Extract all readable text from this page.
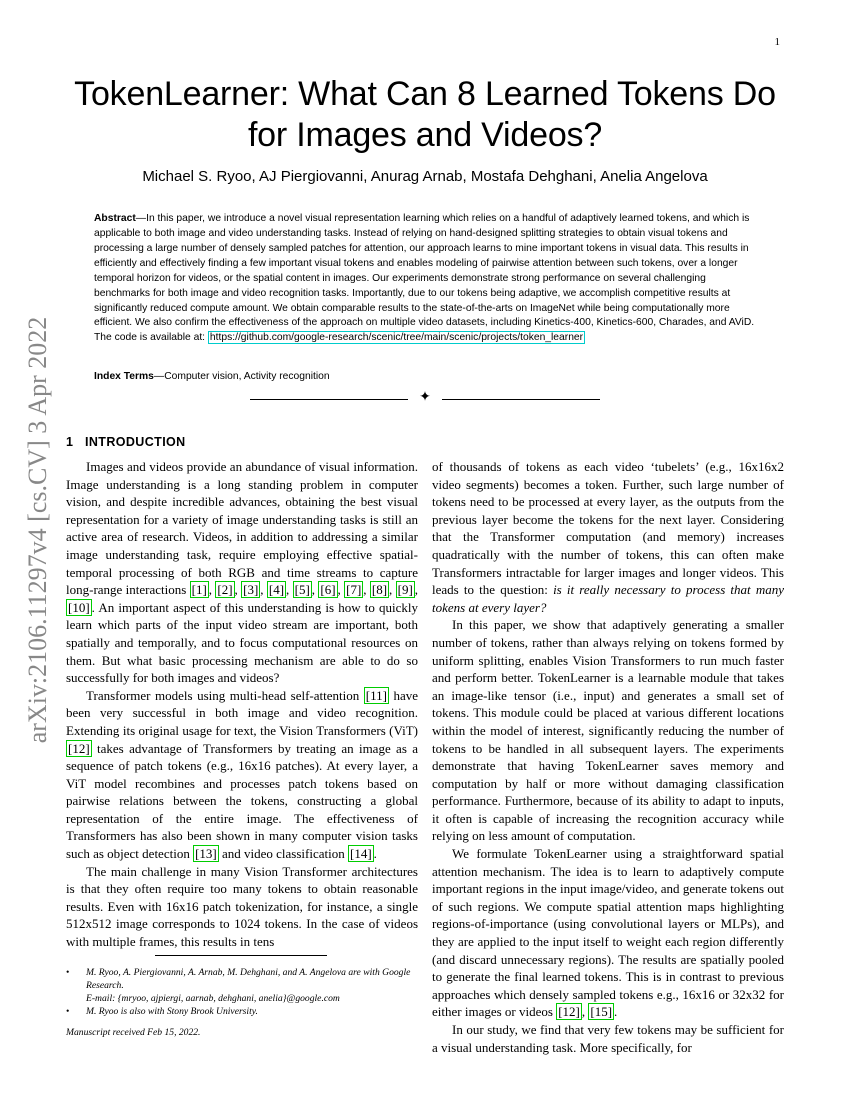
1
TokenLearner: What Can 8 Learned Tokens Do
for Images and Videos?
Michael S. Ryoo, AJ Piergiovanni, Anurag Arnab, Mostafa Dehghani, Anelia Angelova
Abstract—In this paper, we introduce a novel visual representation learning which relies on a handful of adaptively learned tokens, and which is applicable to both image and video understanding tasks. Instead of relying on hand-designed splitting strategies to obtain visual tokens and processing a large number of densely sampled patches for attention, our approach learns to mine important tokens in visual data. This results in efficiently and effectively finding a few important visual tokens and enables modeling of pairwise attention between such tokens, over a longer temporal horizon for videos, or the spatial content in images. Our experiments demonstrate strong performance on several challenging benchmarks for both image and video recognition tasks. Importantly, due to our tokens being adaptive, we accomplish competitive results at significantly reduced compute amount. We obtain comparable results to the state-of-the-arts on ImageNet while being computationally more efficient. We also confirm the effectiveness of the approach on multiple video datasets, including Kinetics-400, Kinetics-600, Charades, and AViD.
The code is available at: https://github.com/google-research/scenic/tree/main/scenic/projects/token_learner
Index Terms—Computer vision, Activity recognition
✦
arXiv:2106.11297v4 [cs.CV] 3 Apr 2022 1 INTRODUCTION

Images and videos provide an abundance of visual information. Image understanding is a long standing problem in computer vision, and despite incredible advances, obtaining the best visual representation for a variety of image understanding tasks is still an active area of research. Videos, in addition to addressing a similar image understanding task, require employing effective spatial-temporal processing of both RGB and time streams to capture long-range interactions [1] , [2] , [3] , [4] , [5] , [6] , [7] , [8] , [9] , [10] . An important aspect of this understanding is how to quickly learn which parts of the input video stream are important, both spatially and temporally, and to focus computational resources on them. But what basic processing mechanism are able to do so successfully for both images and videos?

Transformer models using multi-head self-attention [11] have been very successful in both image and video recognition. Extending its original usage for text, the Vision Transformers (ViT) [12] takes advantage of Transformers by treating an image as a sequence of patch tokens (e.g., 16x16 patches). At every layer, a ViT model recombines and processes patch tokens based on pairwise relations between the tokens, constructing a global representation of the entire image. The effectiveness of Transformers has also been shown in many computer vision tasks such as object detection [13] and video classification [14] .

The main challenge in many Vision Transformer architectures is that they often require too many tokens to obtain reasonable results. Even with 16x16 patch tokenization, for instance, a single 512x512 image corresponds to 1024 tokens. In the case of videos with multiple frames, this results in tens

of thousands of tokens as each video ‘tubelets’ (e.g., 16x16x2 video segments) becomes a token. Further, such large number of tokens need to be processed at every layer, as the outputs from the previous layer become the tokens for the next layer. Considering that the Transformer computation (and memory) increases quadratically with the number of tokens, this can often make Transformers intractable for larger images and longer videos. This leads to the question: is it really necessary to process that many tokens at every layer?

In this paper, we show that adaptively generating a smaller number of tokens, rather than always relying on tokens formed by uniform splitting, enables Vision Transformers to run much faster and perform better. TokenLearner is a learnable module that takes an image-like tensor (i.e., input) and generates a small set of tokens. This module could be placed at various different locations within the model of interest, significantly reducing the number of tokens to be handled in all subsequent layers. The experiments demonstrate that having TokenLearner saves memory and computation by half or more without damaging classification performance. Furthermore, because of its ability to adapt to inputs, it often is capable of increasing the recognition accuracy while relying on less amount of computation.

We formulate TokenLearner using a straightforward spatial attention mechanism. The idea is to learn to adaptively compute important regions in the input image/video, and generate tokens out of such regions. We compute spatial attention maps highlighting regions-of-importance (using convolutional layers or MLPs), and they are applied to the input itself to weight each region differently (and discard unnecessary regions). The results are spatially pooled to generate the final learned tokens. This is in contrast to previous approaches which densely sampled tokens e.g., 16x16 or 32x32 for either images or videos [12] , [15] .

In our study, we find that very few tokens may be sufficient for a visual understanding task. More specifically, for

•	M. Ryoo, A. Piergiovanni, A. Arnab, M. Dehghani, and A. Angelova are with Google Research.
E-mail: {mryoo, ajpiergi, aarnab, dehghani, anelia}@google.com
•	M. Ryoo is also with Stony Brook University.
Manuscript received Feb 15, 2022.
